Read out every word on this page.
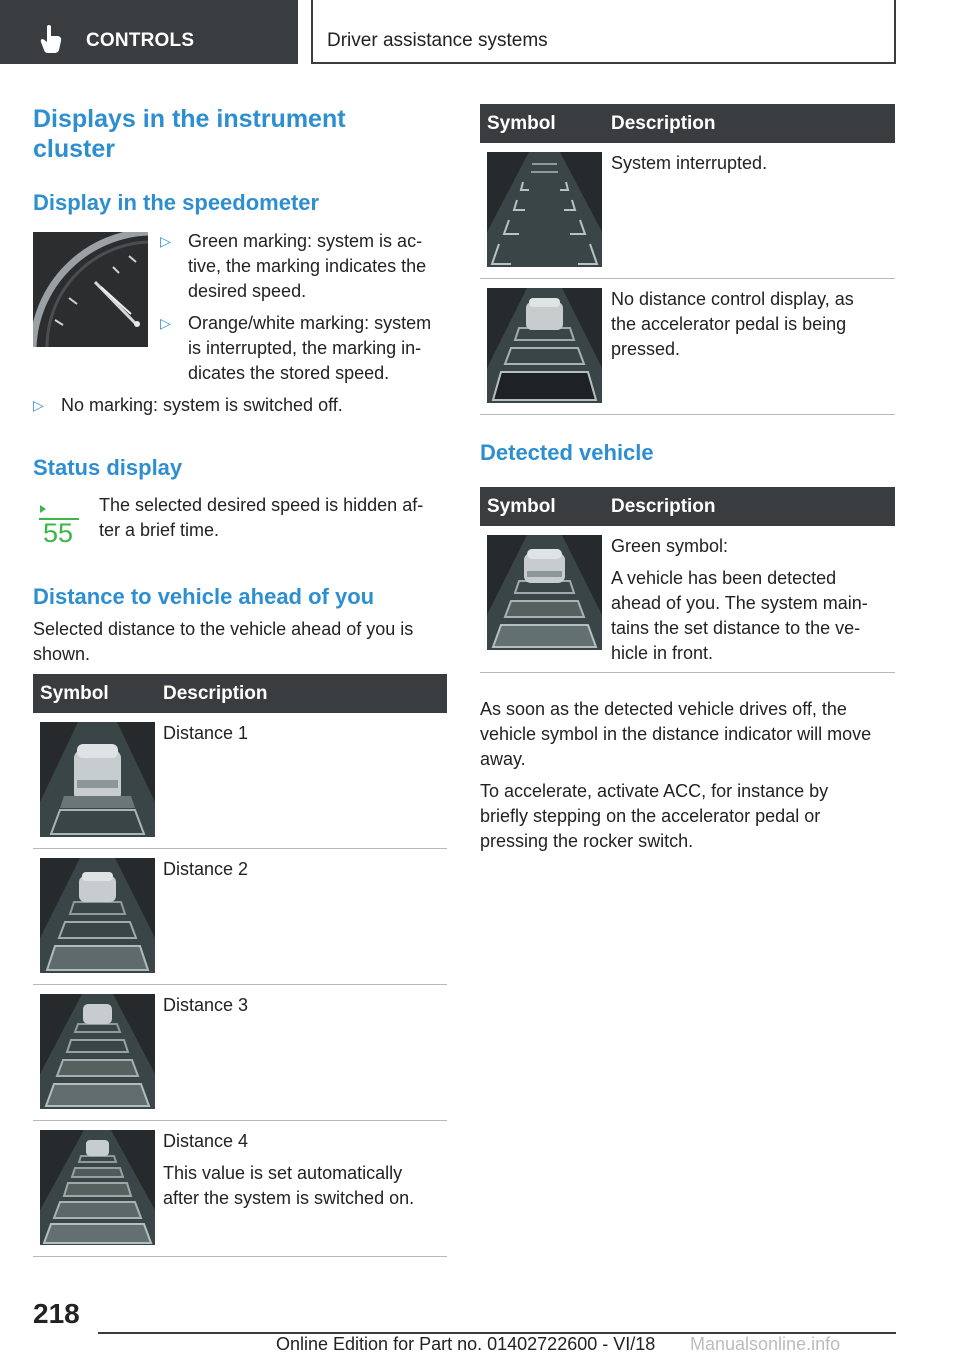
CONTROLS	Driver assistance systems
Displays in the instrument
cluster
Display in the speedometer
▷ Green marking: system is ac-
tive, the marking indicates the
desired speed.
▷ Orange/white marking: system
is interrupted, the marking in-
dicates the stored speed.
▷ No marking: system is switched off.
Status display
55
The selected desired speed is hidden af-
ter a brief time.
Distance to vehicle ahead of you
Selected distance to the vehicle ahead of you is
shown.
Symbol	Description
Distance 1
Distance 2
Distance 3
Distance 4
This value is set automatically
after the system is switched on.
Symbol	Description
System interrupted.
No distance control display, as
the accelerator pedal is being
pressed.
Detected vehicle
Symbol	Description
Green symbol:
A vehicle has been detected
ahead of you. The system main-
tains the set distance to the ve-
hicle in front.
As soon as the detected vehicle drives off, the
vehicle symbol in the distance indicator will move
away.
To accelerate, activate ACC, for instance by
briefly stepping on the accelerator pedal or
pressing the rocker switch.
218
Online Edition for Part no. 01402722600 - VI/18 Manualsonline.info
